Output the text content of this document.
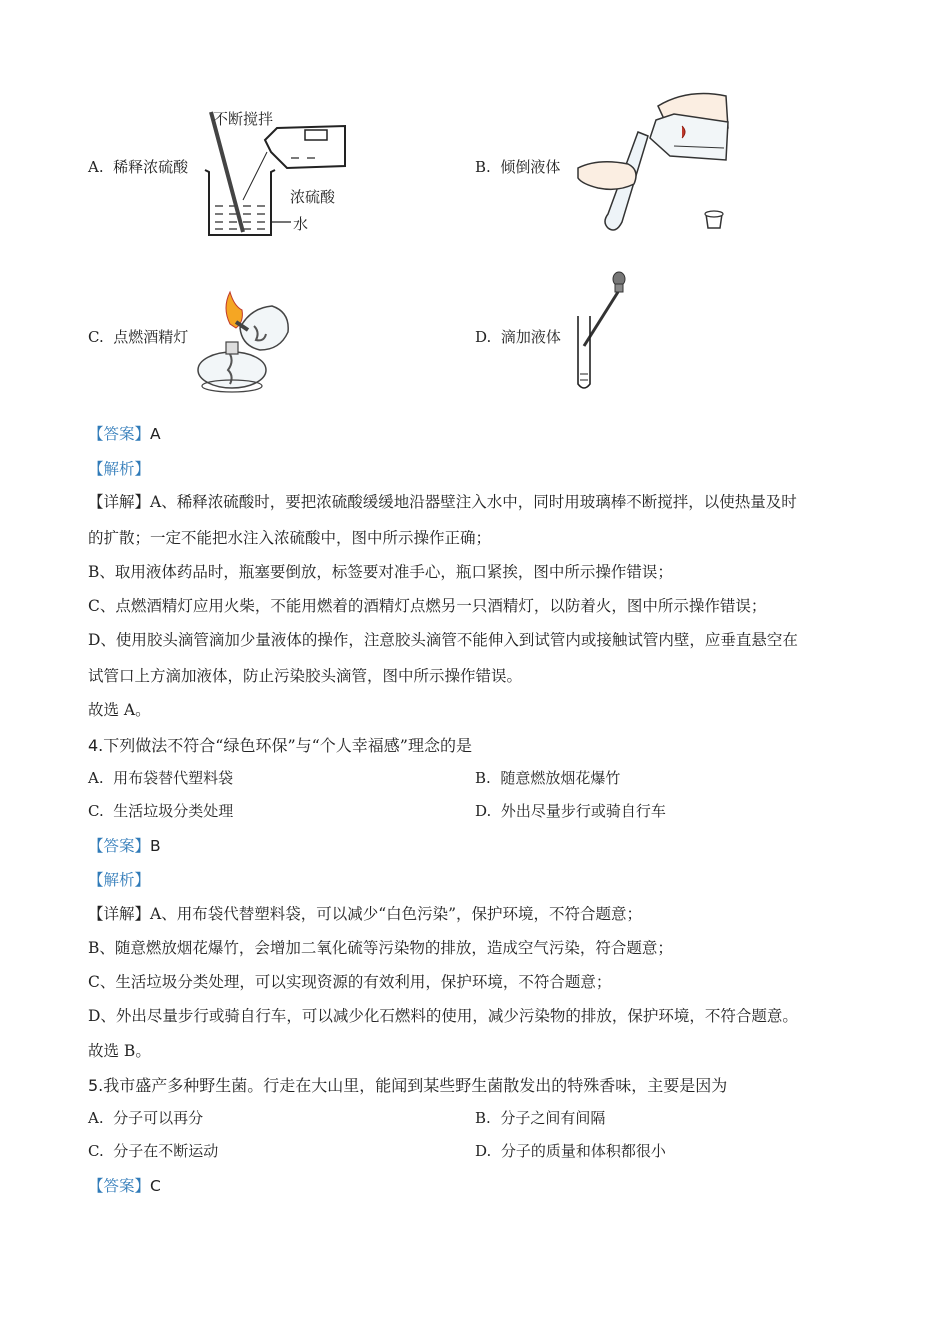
A. 稀释浓硫酸	B. 倾倒液体
C. 点燃酒精灯	D. 滴加液体
不断搅拌
浓硫酸
水
【答案】A
【解析】
【详解】A、稀释浓硫酸时，要把浓硫酸缓缓地沿器壁注入水中，同时用玻璃棒不断搅拌，以使热量及时
的扩散；一定不能把水注入浓硫酸中，图中所示操作正确；
B、取用液体药品时，瓶塞要倒放，标签要对准手心，瓶口紧挨，图中所示操作错误；
C、点燃酒精灯应用火柴，不能用燃着的酒精灯点燃另一只酒精灯，以防着火，图中所示操作错误；
D、使用胶头滴管滴加少量液体的操作，注意胶头滴管不能伸入到试管内或接触试管内壁，应垂直悬空在
试管口上方滴加液体，防止污染胶头滴管，图中所示操作错误。
故选 A。
4.下列做法不符合“绿色环保”与“个人幸福感”理念的是
A. 用布袋替代塑料袋	B. 随意燃放烟花爆竹
C. 生活垃圾分类处理	D. 外出尽量步行或骑自行车
【答案】B
【解析】
【详解】A、用布袋代替塑料袋，可以减少“白色污染”，保护环境，不符合题意；
B、随意燃放烟花爆竹，会增加二氧化硫等污染物的排放，造成空气污染，符合题意；
C、生活垃圾分类处理，可以实现资源的有效利用，保护环境，不符合题意；
D、外出尽量步行或骑自行车，可以减少化石燃料的使用，减少污染物的排放，保护环境，不符合题意。
故选 B。
5.我市盛产多种野生菌。行走在大山里，能闻到某些野生菌散发出的特殊香味，主要是因为
A. 分子可以再分	B. 分子之间有间隔
C. 分子在不断运动	D. 分子的质量和体积都很小
【答案】C
